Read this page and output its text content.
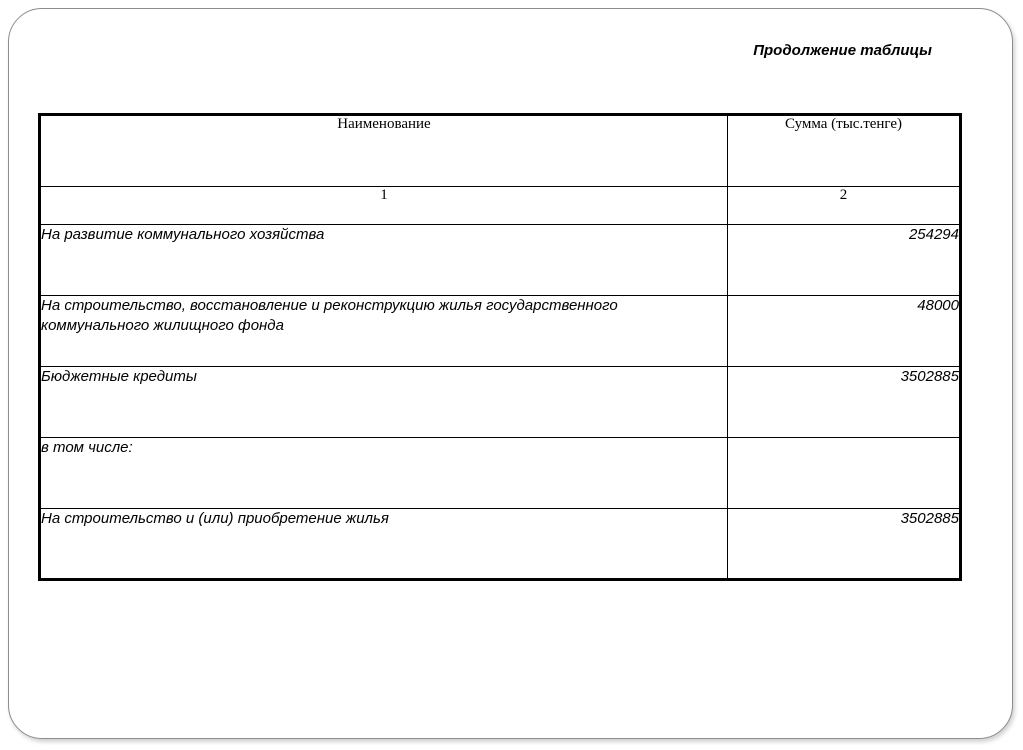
Продолжение таблицы
Наименование	Сумма (тыс.тенге)
1	2
На развитие коммунального хозяйства	254294
На строительство, восстановление и реконструкцию жилья государственного коммунального жилищного фонда	48000
Бюджетные кредиты	3502885
в том числе:	
На строительство и (или) приобретение жилья	3502885
